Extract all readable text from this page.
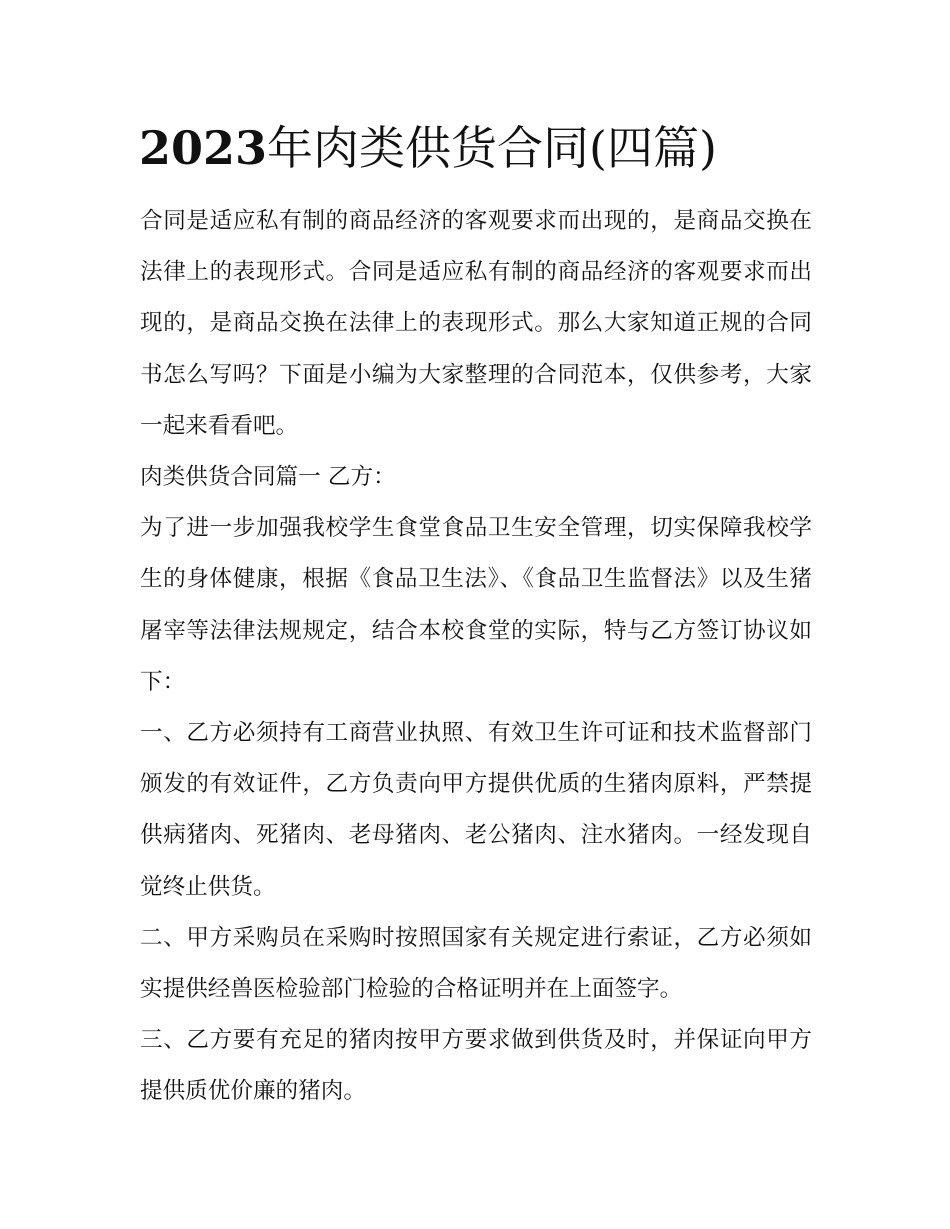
2023年肉类供货合同(四篇)

合同是适应私有制的商品经济的客观要求而出现的，是商品交换在法律上的表现形式。合同是适应私有制的商品经济的客观要求而出现的，是商品交换在法律上的表现形式。那么大家知道正规的合同书怎么写吗？下面是小编为大家整理的合同范本，仅供参考，大家一起来看看吧。

肉类供货合同篇一 乙方：

为了进一步加强我校学生食堂食品卫生安全管理，切实保障我校学生的身体健康，根据《食品卫生法》、《食品卫生监督法》以及生猪屠宰等法律法规规定，结合本校食堂的实际，特与乙方签订协议如下：

一、乙方必须持有工商营业执照、有效卫生许可证和技术监督部门颁发的有效证件，乙方负责向甲方提供优质的生猪肉原料，严禁提供病猪肉、死猪肉、老母猪肉、老公猪肉、注水猪肉。一经发现自觉终止供货。

二、甲方采购员在采购时按照国家有关规定进行索证，乙方必须如实提供经兽医检验部门检验的合格证明并在上面签字。

三、乙方要有充足的猪肉按甲方要求做到供货及时，并保证向甲方提供质优价廉的猪肉。
